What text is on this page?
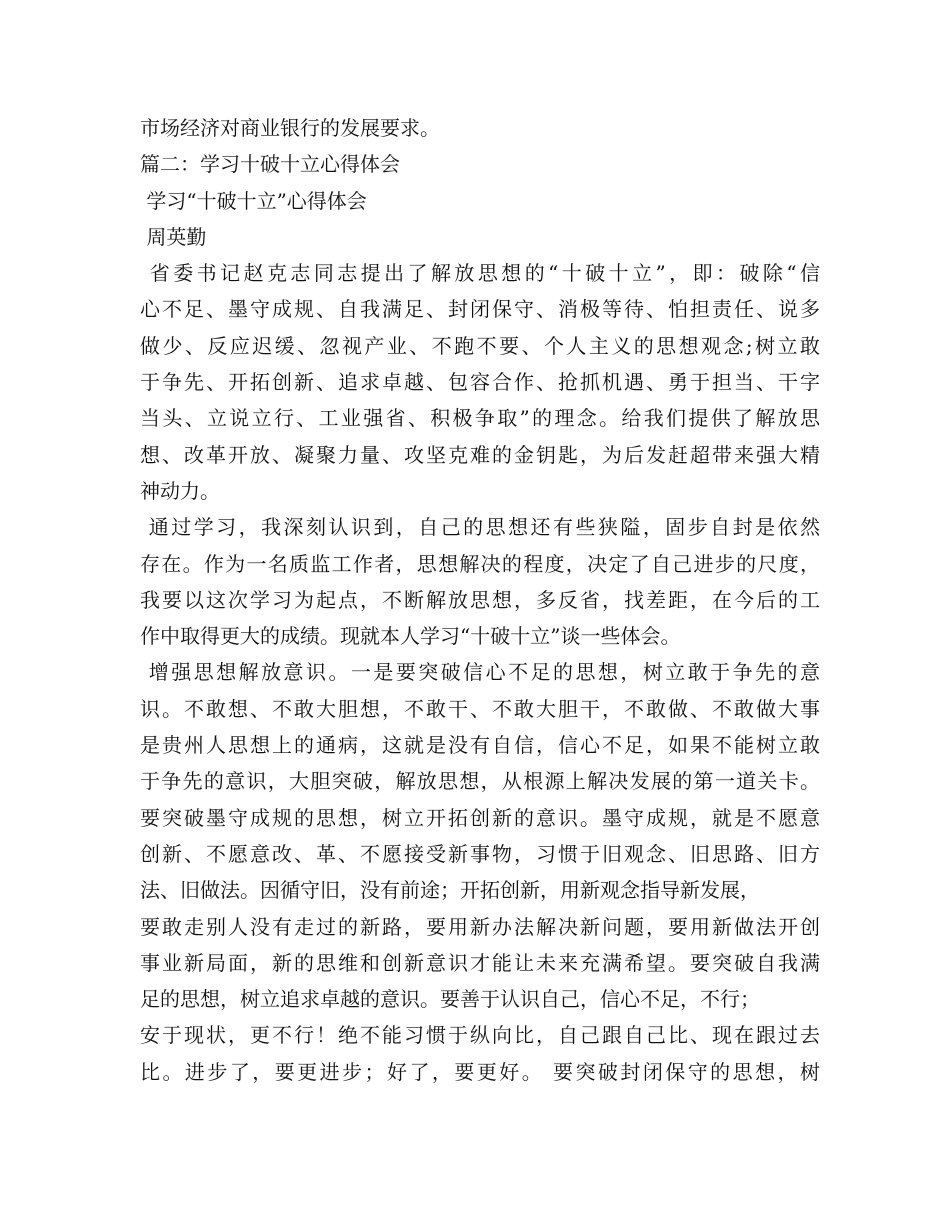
市场经济对商业银行的发展要求。
篇二：学习十破十立心得体会
学习“十破十立”心得体会
周英勤
省委书记赵克志同志提出了解放思想的“十破十立”，即：破除“信
心不足、墨守成规、自我满足、封闭保守、消极等待、怕担责任、说多
做少、反应迟缓、忽视产业、不跑不要、个人主义的思想观念;树立敢
于争先、开拓创新、追求卓越、包容合作、抢抓机遇、勇于担当、干字
当头、立说立行、工业强省、积极争取”的理念。给我们提供了解放思
想、改革开放、凝聚力量、攻坚克难的金钥匙，为后发赶超带来强大精
神动力。
通过学习，我深刻认识到，自己的思想还有些狭隘，固步自封是依然
存在。作为一名质监工作者，思想解决的程度，决定了自己进步的尺度，
我要以这次学习为起点，不断解放思想，多反省，找差距，在今后的工
作中取得更大的成绩。现就本人学习“十破十立”谈一些体会。
增强思想解放意识。一是要突破信心不足的思想，树立敢于争先的意
识。不敢想、不敢大胆想，不敢干、不敢大胆干，不敢做、不敢做大事
是贵州人思想上的通病，这就是没有自信，信心不足，如果不能树立敢
于争先的意识，大胆突破，解放思想，从根源上解决发展的第一道关卡。
要突破墨守成规的思想，树立开拓创新的意识。墨守成规，就是不愿意
创新、不愿意改、革、不愿接受新事物，习惯于旧观念、旧思路、旧方
法、旧做法。因循守旧，没有前途；开拓创新，用新观念指导新发展，
要敢走别人没有走过的新路，要用新办法解决新问题，要用新做法开创
事业新局面，新的思维和创新意识才能让未来充满希望。要突破自我满
足的思想，树立追求卓越的意识。要善于认识自己，信心不足，不行；
安于现状，更不行！绝不能习惯于纵向比，自己跟自己比、现在跟过去
比。进步了，要更进步；好了，要更好。 要突破封闭保守的思想，树
